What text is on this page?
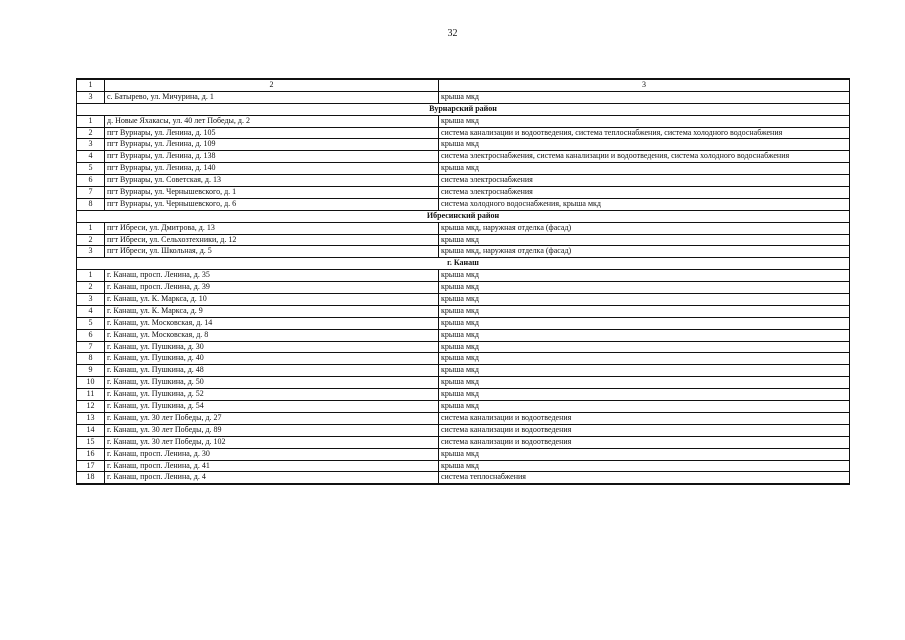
32
1	2	3
3	с. Батырево, ул. Мичурина, д. 1	крыша мкд
Вурнарский район		
1	д. Новые Яхакасы, ул. 40 лет Победы, д. 2	крыша мкд
2	пгт Вурнары, ул. Ленина, д. 105	система канализации и водоотведения, система теплоснабжения, система холодного водоснабжения
3	пгт Вурнары, ул. Ленина, д. 109	крыша мкд
4	пгт Вурнары, ул. Ленина, д. 138	система электроснабжения, система канализации и водоотведения, система холодного водоснабжения
5	пгт Вурнары, ул. Ленина, д. 140	крыша мкд
6	пгт Вурнары, ул. Советская, д. 13	система электроснабжения
7	пгт Вурнары, ул. Чернышевского, д. 1	система электроснабжения
8	пгт Вурнары, ул. Чернышевского, д. 6	система холодного водоснабжения, крыша мкд
Ибресинский район		
1	пгт Ибреси, ул. Дмитрова, д. 13	крыша мкд, наружная отделка (фасад)
2	пгт Ибреси, ул. Сельхозтехники, д. 12	крыша мкд
3	пгт Ибреси, ул. Школьная, д. 5	крыша мкд, наружная отделка (фасад)
г. Канаш		
1	г. Канаш, просп. Ленина, д. 35	крыша мкд
2	г. Канаш, просп. Ленина, д. 39	крыша мкд
3	г. Канаш, ул. К. Маркса, д. 10	крыша мкд
4	г. Канаш, ул. К. Маркса, д. 9	крыша мкд
5	г. Канаш, ул. Московская, д. 14	крыша мкд
6	г. Канаш, ул. Московская, д. 8	крыша мкд
7	г. Канаш, ул. Пушкина, д. 30	крыша мкд
8	г. Канаш, ул. Пушкина, д. 40	крыша мкд
9	г. Канаш, ул. Пушкина, д. 48	крыша мкд
10	г. Канаш, ул. Пушкина, д. 50	крыша мкд
11	г. Канаш, ул. Пушкина, д. 52	крыша мкд
12	г. Канаш, ул. Пушкина, д. 54	крыша мкд
13	г. Канаш, ул. 30 лет Победы, д. 27	система канализации и водоотведения
14	г. Канаш, ул. 30 лет Победы, д. 89	система канализации и водоотведения
15	г. Канаш, ул. 30 лет Победы, д. 102	система канализации и водоотведения
16	г. Канаш, просп. Ленина, д. 30	крыша мкд
17	г. Канаш, просп. Ленина, д. 41	крыша мкд
18	г. Канаш, просп. Ленина, д. 4	система теплоснабжения
